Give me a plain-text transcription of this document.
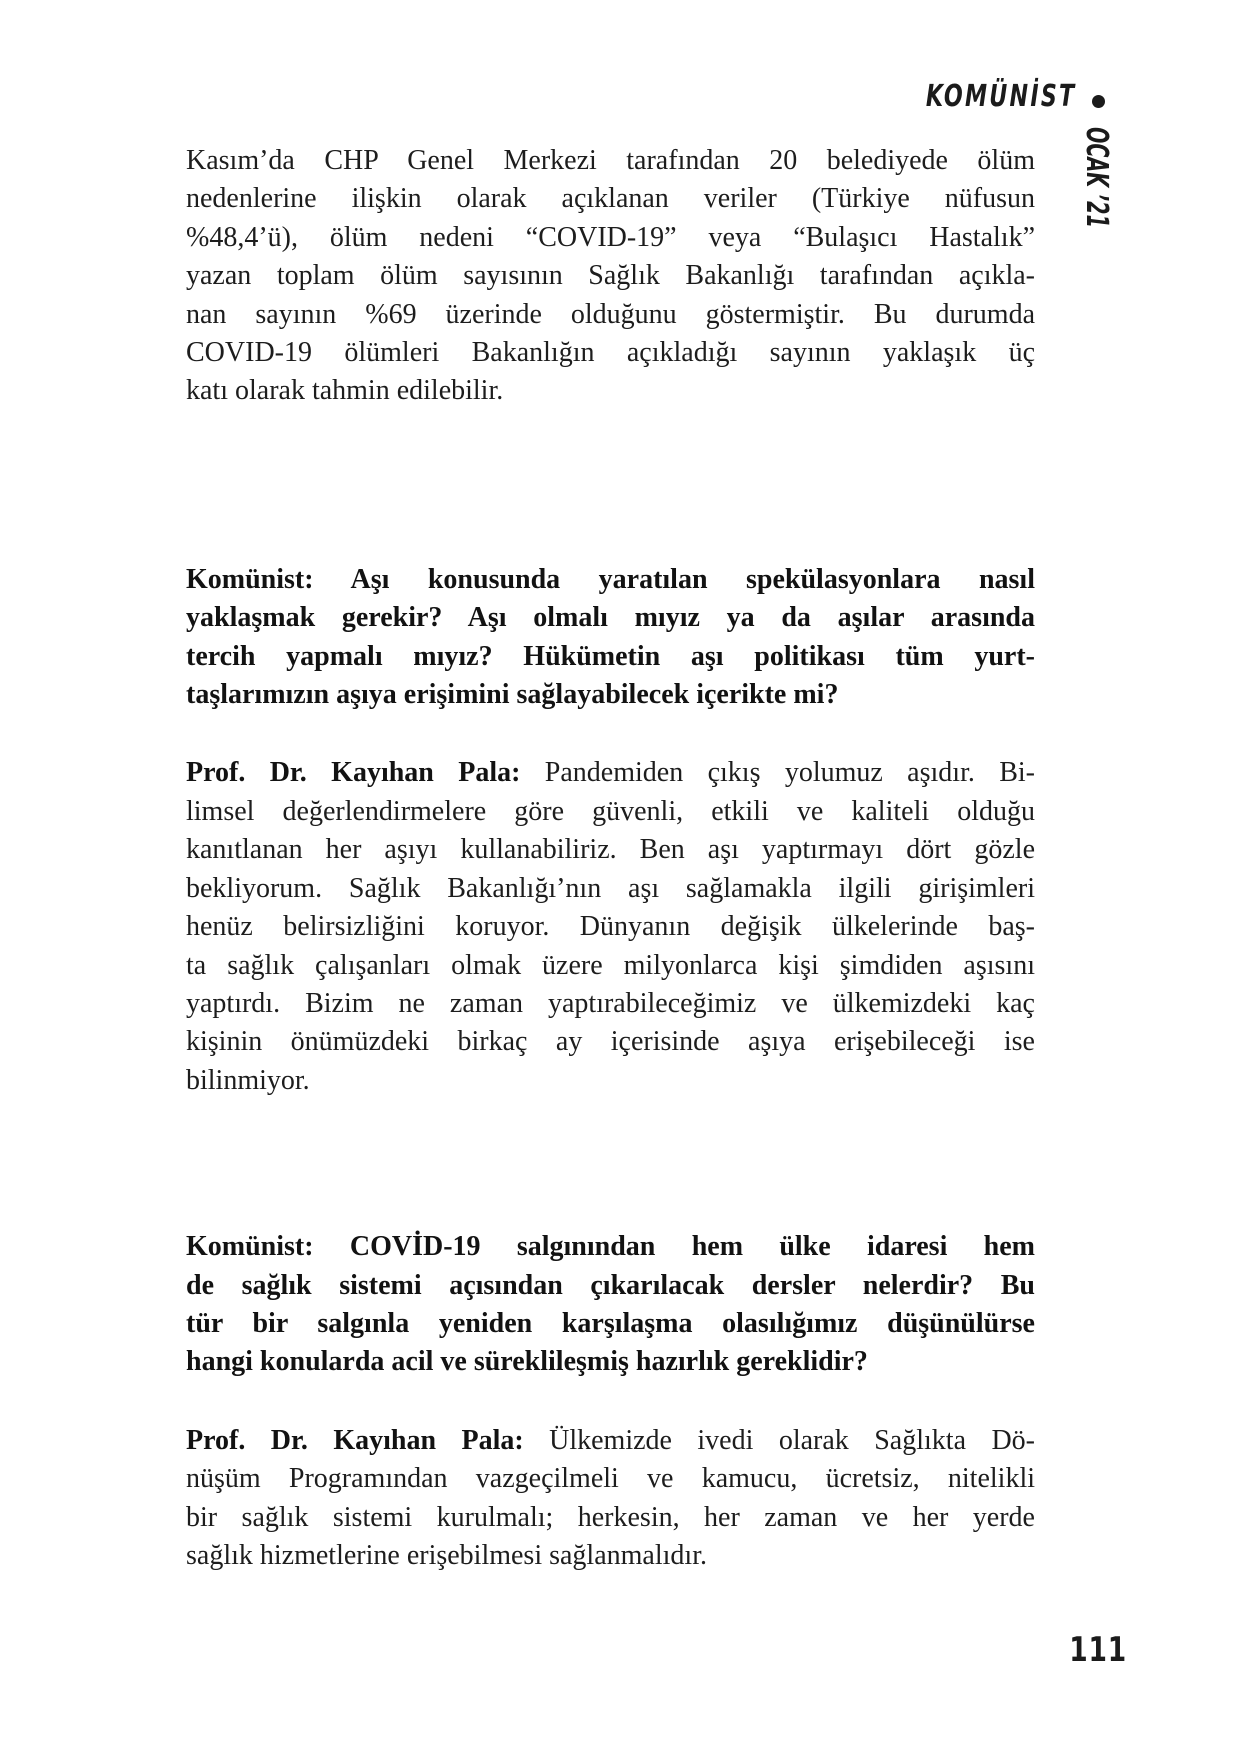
KOMÜNİST
OCAK ’21
Kasım’da CHP Genel Merkezi tarafından 20 belediyede ölüm
nedenlerine ilişkin olarak açıklanan veriler (Türkiye nüfusun
%48,4’ü), ölüm nedeni “COVID-19” veya “Bulaşıcı Hastalık”
yazan toplam ölüm sayısının Sağlık Bakanlığı tarafından açıkla-
nan sayının %69 üzerinde olduğunu göstermiştir. Bu durumda
COVID-19 ölümleri Bakanlığın açıkladığı sayının yaklaşık üç
katı olarak tahmin edilebilir.
Komünist: Aşı konusunda yaratılan spekülasyonlara nasıl
yaklaşmak gerekir? Aşı olmalı mıyız ya da aşılar arasında
tercih yapmalı mıyız? Hükümetin aşı politikası tüm yurt-
taşlarımızın aşıya erişimini sağlayabilecek içerikte mi?
Prof. Dr. Kayıhan Pala: Pandemiden çıkış yolumuz aşıdır. Bi-
limsel değerlendirmelere göre güvenli, etkili ve kaliteli olduğu
kanıtlanan her aşıyı kullanabiliriz. Ben aşı yaptırmayı dört gözle
bekliyorum. Sağlık Bakanlığı’nın aşı sağlamakla ilgili girişimleri
henüz belirsizliğini koruyor. Dünyanın değişik ülkelerinde baş-
ta sağlık çalışanları olmak üzere milyonlarca kişi şimdiden aşısını
yaptırdı. Bizim ne zaman yaptırabileceğimiz ve ülkemizdeki kaç
kişinin önümüzdeki birkaç ay içerisinde aşıya erişebileceği ise
bilinmiyor.
Komünist: COVİD-19 salgınından hem ülke idaresi hem
de sağlık sistemi açısından çıkarılacak dersler nelerdir? Bu
tür bir salgınla yeniden karşılaşma olasılığımız düşünülürse
hangi konularda acil ve süreklileşmiş hazırlık gereklidir?
Prof. Dr. Kayıhan Pala: Ülkemizde ivedi olarak Sağlıkta Dö-
nüşüm Programından vazgeçilmeli ve kamucu, ücretsiz, nitelikli
bir sağlık sistemi kurulmalı; herkesin, her zaman ve her yerde
sağlık hizmetlerine erişebilmesi sağlanmalıdır.
111
